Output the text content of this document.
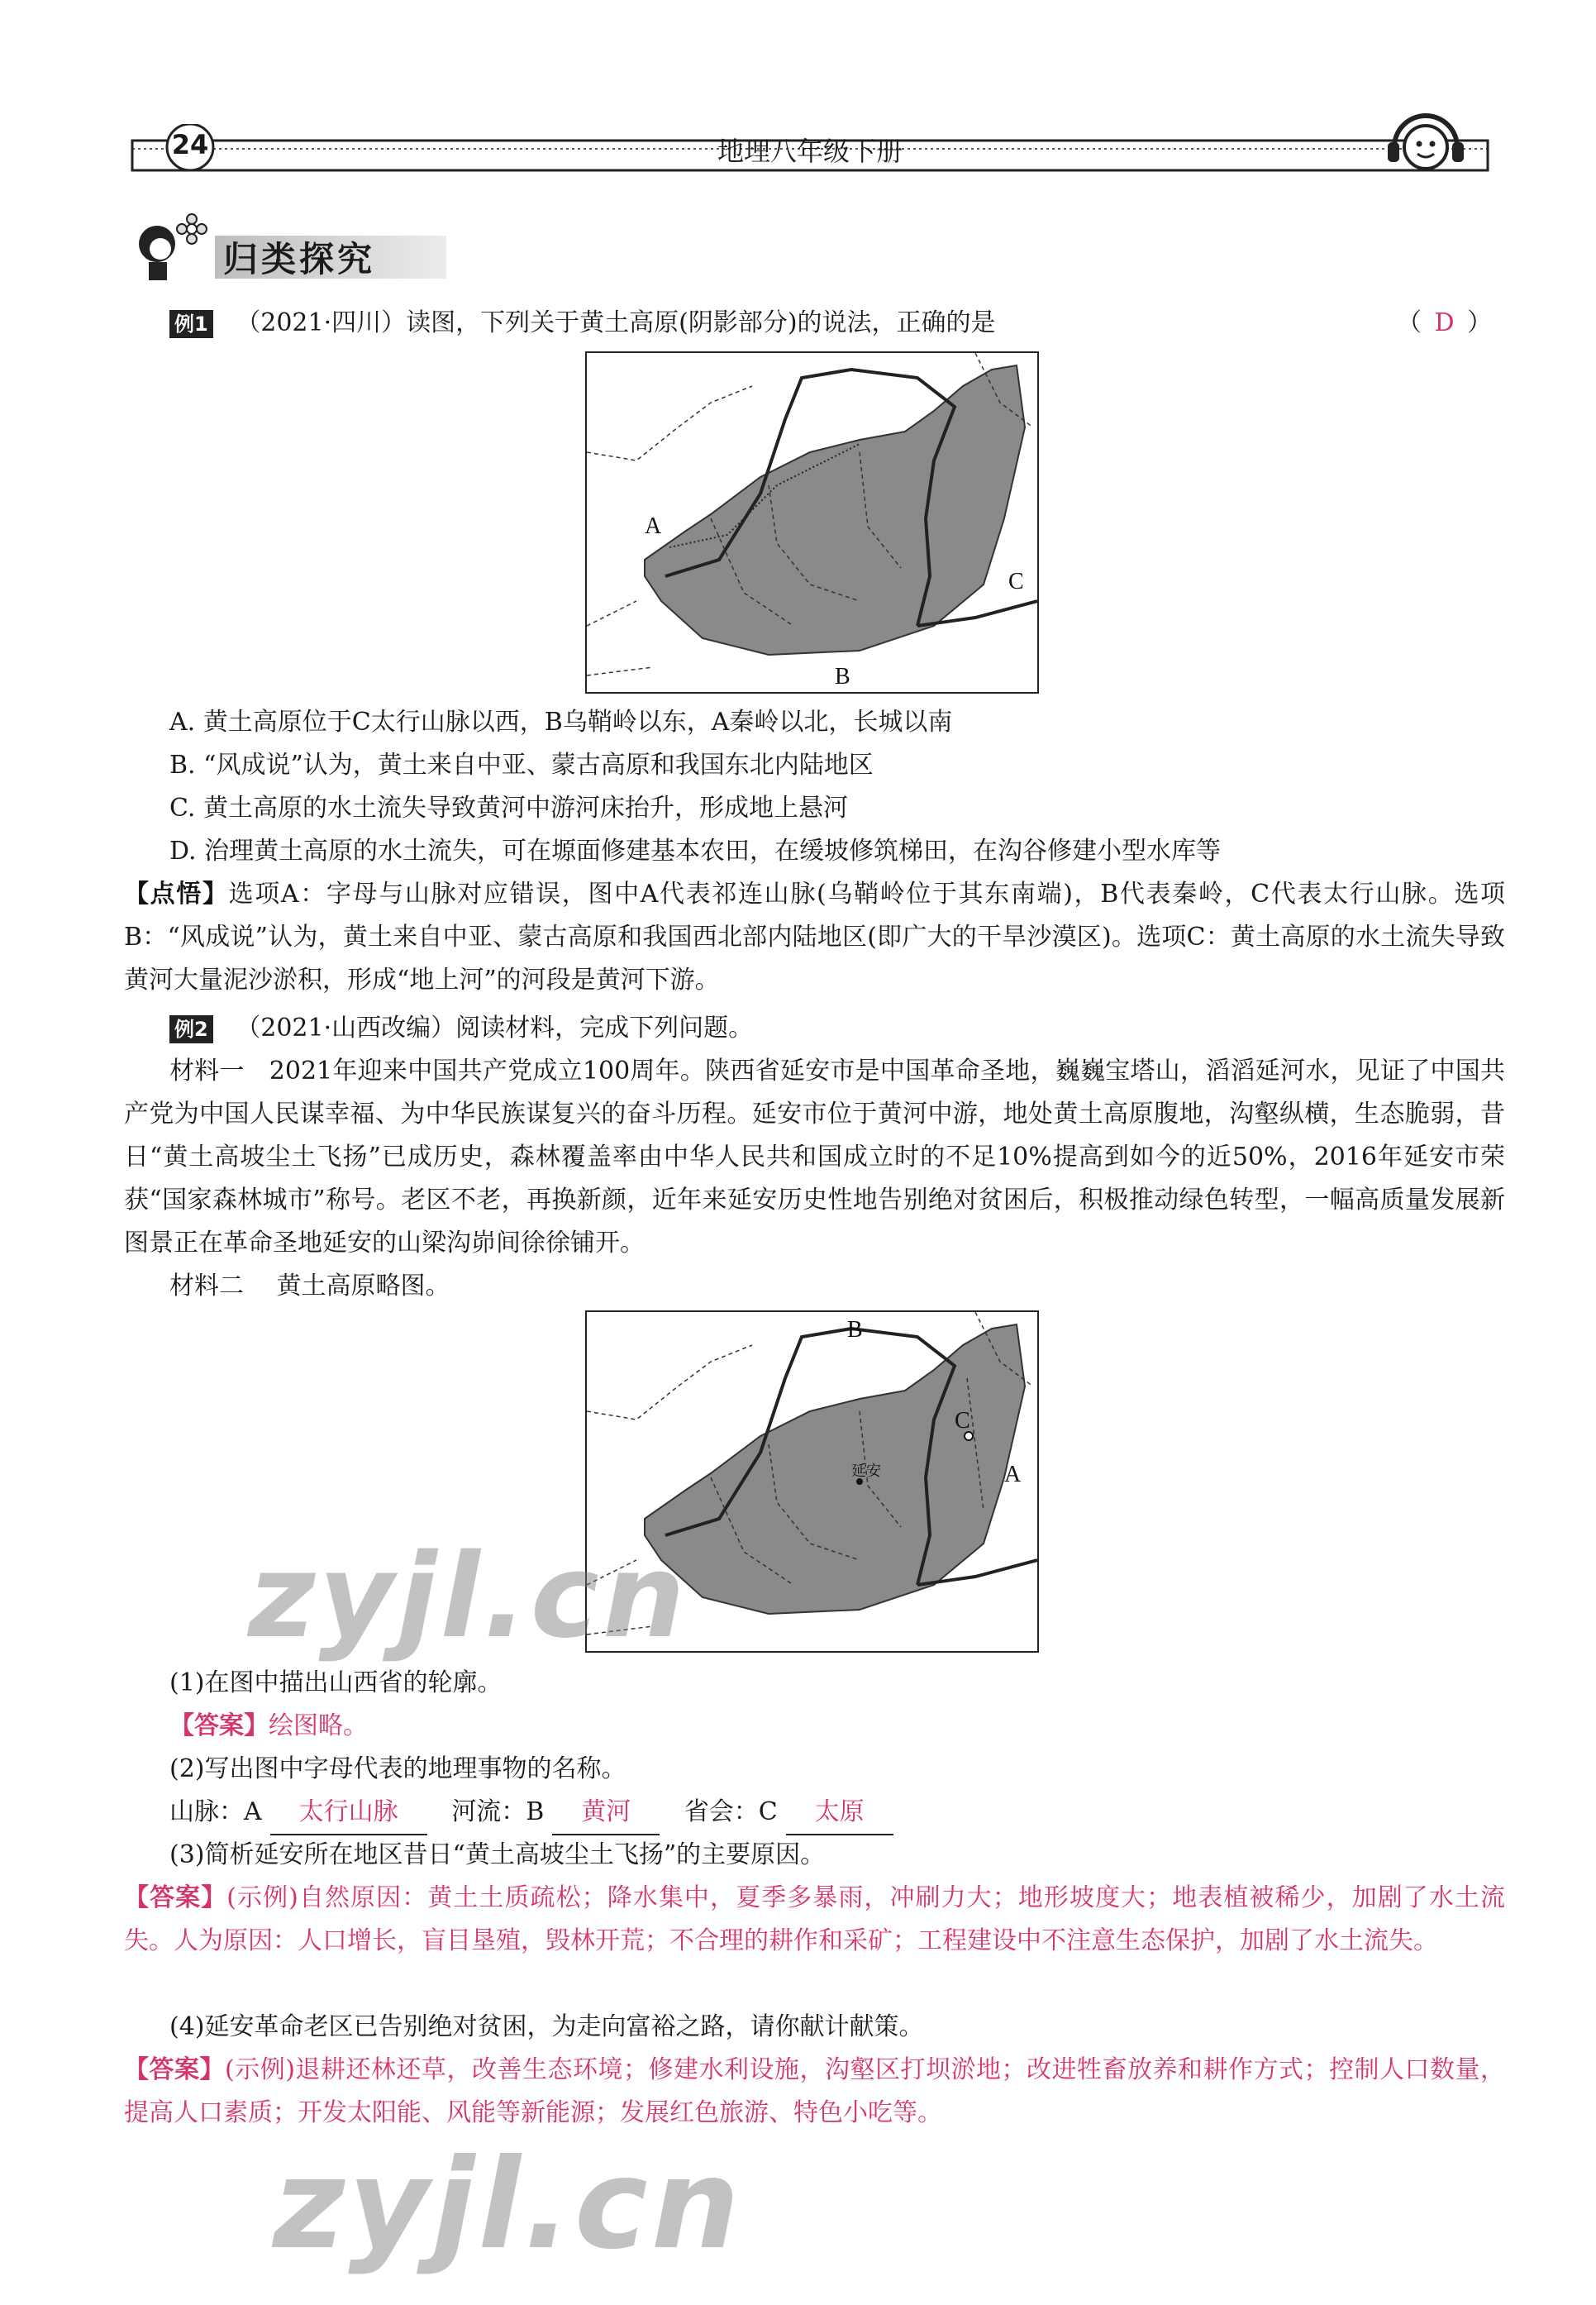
24	地理八年级下册
归类探究
例1 （2021·四川）读图，下列关于黄土高原(阴影部分)的说法，正确的是	（ D ）
A
B
C
A. 黄土高原位于C太行山脉以西，B乌鞘岭以东，A秦岭以北，长城以南
B. “风成说”认为，黄土来自中亚、蒙古高原和我国东北内陆地区
C. 黄土高原的水土流失导致黄河中游河床抬升，形成地上悬河
D. 治理黄土高原的水土流失，可在塬面修建基本农田，在缓坡修筑梯田，在沟谷修建小型水库等
【点悟】选项A：字母与山脉对应错误，图中A代表祁连山脉(乌鞘岭位于其东南端)，B代表秦岭，C代表太行山脉。选项B：“风成说”认为，黄土来自中亚、蒙古高原和我国西北部内陆地区(即广大的干旱沙漠区)。选项C：黄土高原的水土流失导致黄河大量泥沙淤积，形成“地上河”的河段是黄河下游。
例2 （2021·山西改编）阅读材料，完成下列问题。
材料一 2021年迎来中国共产党成立100周年。陕西省延安市是中国革命圣地，巍巍宝塔山，滔滔延河水，见证了中国共产党为中国人民谋幸福、为中华民族谋复兴的奋斗历程。延安市位于黄河中游，地处黄土高原腹地，沟壑纵横，生态脆弱，昔日“黄土高坡尘土飞扬”已成历史，森林覆盖率由中华人民共和国成立时的不足10%提高到如今的近50%，2016年延安市荣获“国家森林城市”称号。老区不老，再换新颜，近年来延安历史性地告别绝对贫困后，积极推动绿色转型，一幅高质量发展新图景正在革命圣地延安的山梁沟峁间徐徐铺开。
材料二 黄土高原略图。
延安
B
C
A
(1)在图中描出山西省的轮廓。
【答案】绘图略。
(2)写出图中字母代表的地理事物的名称。
山脉：A 太行山脉 河流：B 黄河 省会：C 太原
(3)简析延安所在地区昔日“黄土高坡尘土飞扬”的主要原因。
【答案】(示例)自然原因：黄土土质疏松；降水集中，夏季多暴雨，冲刷力大；地形坡度大；地表植被稀少，加剧了水土流失。人为原因：人口增长，盲目垦殖，毁林开荒；不合理的耕作和采矿；工程建设中不注意生态保护，加剧了水土流失。
(4)延安革命老区已告别绝对贫困，为走向富裕之路，请你献计献策。
【答案】(示例)退耕还林还草，改善生态环境；修建水利设施，沟壑区打坝淤地；改进牲畜放养和耕作方式；控制人口数量，提高人口素质；开发太阳能、风能等新能源；发展红色旅游、特色小吃等。
zyjl.cn
zyjl.cn
